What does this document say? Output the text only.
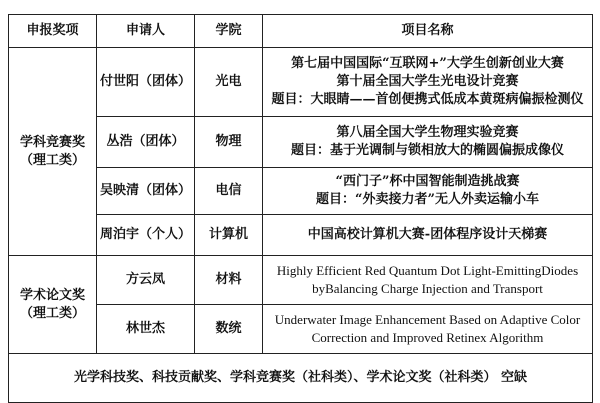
申报奖项	申请人	学院	项目名称

学科竞赛奖
（理工类）	付世阳（团体）	光电	第七届中国国际“互联网+”大学生创新创业大赛
第十届全国大学生光电设计竞赛
题目：大眼睛——首创便携式低成本黄斑病偏振检测仪

	丛浩（团体）	物理	第八届全国大学生物理实验竞赛
题目：基于光调制与锁相放大的椭圆偏振成像仪

	吴映清（团体）	电信	“西门子”杯中国智能制造挑战赛
题目：“外卖接力者”无人外卖运输小车

	周泊宇（个人）	计算机	中国高校计算机大赛-团体程序设计天梯赛

学术论文奖
（理工类）	方云凤	材料	Highly Efficient Red Quantum Dot Light-EmittingDiodes
byBalancing Charge Injection and Transport

	林世杰	数统	Underwater Image Enhancement Based on Adaptive Color
Correction and Improved Retinex Algorithm

光学科技奖、科技贡献奖、学科竞赛奖（社科类）、学术论文奖（社科类） 空缺			
